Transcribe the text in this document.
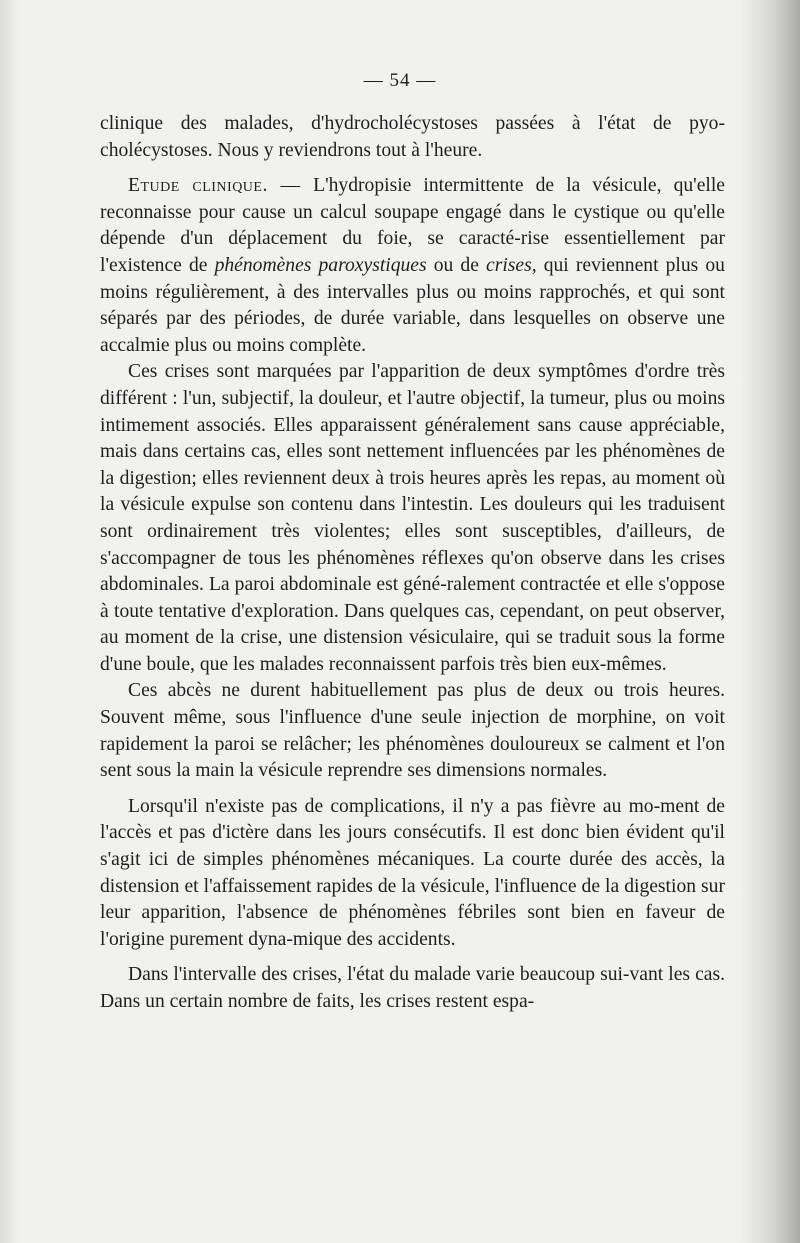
— 54 —

clinique des malades, d'hydrocholécystoses passées à l'état de pyo-cholécystoses. Nous y reviendrons tout à l'heure.

Etude clinique. — L'hydropisie intermittente de la vésicule, qu'elle reconnaisse pour cause un calcul soupape engagé dans le cystique ou qu'elle dépende d'un déplacement du foie, se caracté-rise essentiellement par l'existence de phénomènes paroxystiques ou de crises, qui reviennent plus ou moins régulièrement, à des intervalles plus ou moins rapprochés, et qui sont séparés par des périodes, de durée variable, dans lesquelles on observe une accalmie plus ou moins complète.

Ces crises sont marquées par l'apparition de deux symptômes d'ordre très différent : l'un, subjectif, la douleur, et l'autre objectif, la tumeur, plus ou moins intimement associés. Elles apparaissent généralement sans cause appréciable, mais dans certains cas, elles sont nettement influencées par les phénomènes de la digestion; elles reviennent deux à trois heures après les repas, au moment où la vésicule expulse son contenu dans l'intestin. Les douleurs qui les traduisent sont ordinairement très violentes; elles sont susceptibles, d'ailleurs, de s'accompagner de tous les phénomènes réflexes qu'on observe dans les crises abdominales. La paroi abdominale est géné-ralement contractée et elle s'oppose à toute tentative d'exploration. Dans quelques cas, cependant, on peut observer, au moment de la crise, une distension vésiculaire, qui se traduit sous la forme d'une boule, que les malades reconnaissent parfois très bien eux-mêmes.

Ces abcès ne durent habituellement pas plus de deux ou trois heures. Souvent même, sous l'influence d'une seule injection de morphine, on voit rapidement la paroi se relâcher; les phénomènes douloureux se calment et l'on sent sous la main la vésicule reprendre ses dimensions normales.

Lorsqu'il n'existe pas de complications, il n'y a pas fièvre au mo-ment de l'accès et pas d'ictère dans les jours consécutifs. Il est donc bien évident qu'il s'agit ici de simples phénomènes mécaniques. La courte durée des accès, la distension et l'affaissement rapides de la vésicule, l'influence de la digestion sur leur apparition, l'absence de phénomènes fébriles sont bien en faveur de l'origine purement dyna-mique des accidents.

Dans l'intervalle des crises, l'état du malade varie beaucoup sui-vant les cas. Dans un certain nombre de faits, les crises restent espa-
